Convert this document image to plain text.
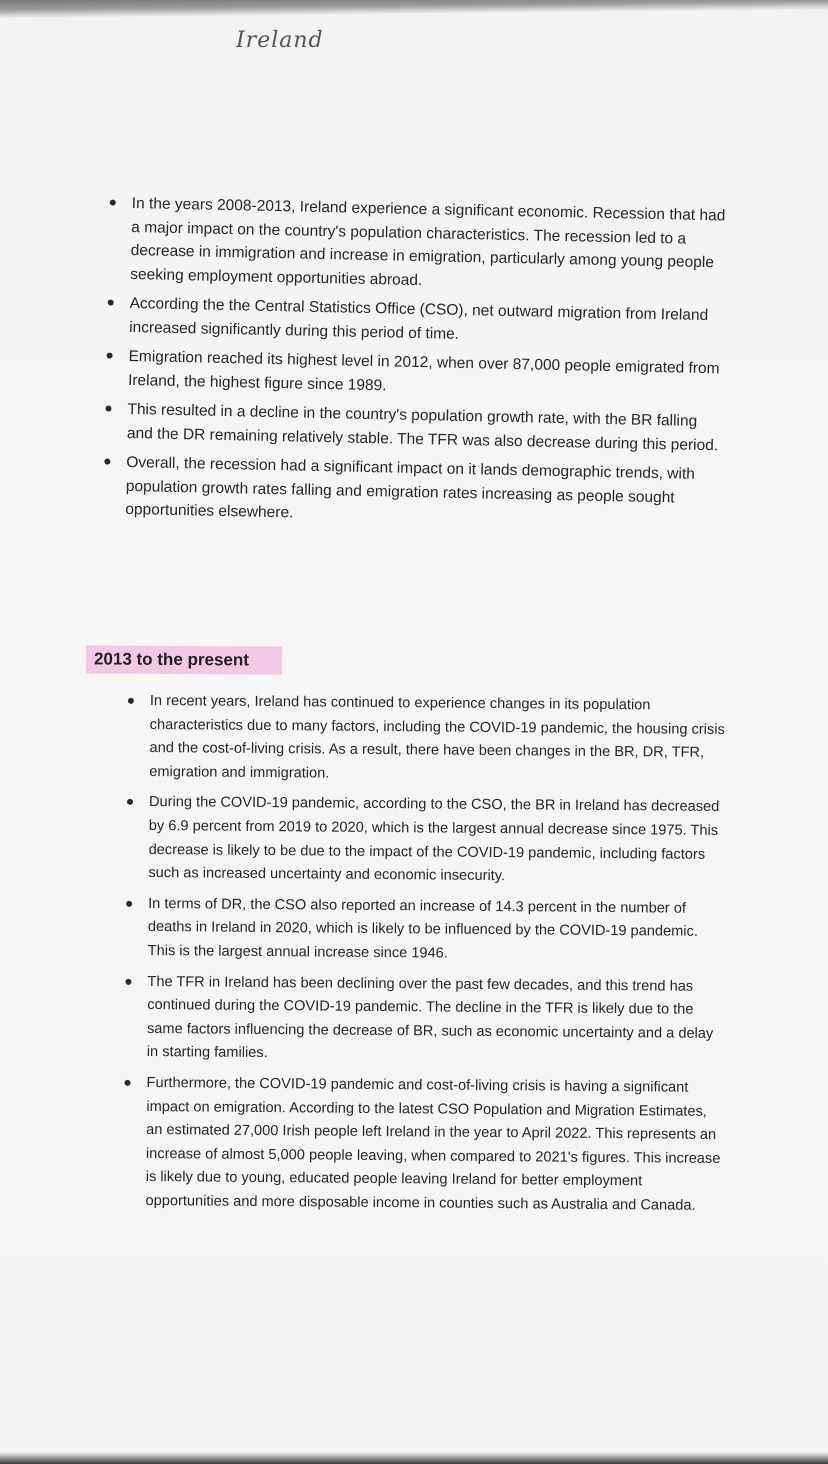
Ireland
In the years 2008-2013, Ireland experience a significant economic. Recession that had a major impact on the country's population characteristics. The recession led to a decrease in immigration and increase in emigration, particularly among young people seeking employment opportunities abroad.
According the the Central Statistics Office (CSO), net outward migration from Ireland increased significantly during this period of time.
Emigration reached its highest level in 2012, when over 87,000 people emigrated from Ireland, the highest figure since 1989.
This resulted in a decline in the country's population growth rate, with the BR falling and the DR remaining relatively stable. The TFR was also decrease during this period.
Overall, the recession had a significant impact on it lands demographic trends, with population growth rates falling and emigration rates increasing as people sought opportunities elsewhere.
2013 to the present
In recent years, Ireland has continued to experience changes in its population characteristics due to many factors, including the COVID-19 pandemic, the housing crisis and the cost-of-living crisis. As a result, there have been changes in the BR, DR, TFR, emigration and immigration.
During the COVID-19 pandemic, according to the CSO, the BR in Ireland has decreased by 6.9 percent from 2019 to 2020, which is the largest annual decrease since 1975. This decrease is likely to be due to the impact of the COVID-19 pandemic, including factors such as increased uncertainty and economic insecurity.
In terms of DR, the CSO also reported an increase of 14.3 percent in the number of deaths in Ireland in 2020, which is likely to be influenced by the COVID-19 pandemic. This is the largest annual increase since 1946.
The TFR in Ireland has been declining over the past few decades, and this trend has continued during the COVID-19 pandemic. The decline in the TFR is likely due to the same factors influencing the decrease of BR, such as economic uncertainty and a delay in starting families.
Furthermore, the COVID-19 pandemic and cost-of-living crisis is having a significant impact on emigration. According to the latest CSO Population and Migration Estimates, an estimated 27,000 Irish people left Ireland in the year to April 2022. This represents an increase of almost 5,000 people leaving, when compared to 2021's figures. This increase is likely due to young, educated people leaving Ireland for better employment opportunities and more disposable income in counties such as Australia and Canada.
